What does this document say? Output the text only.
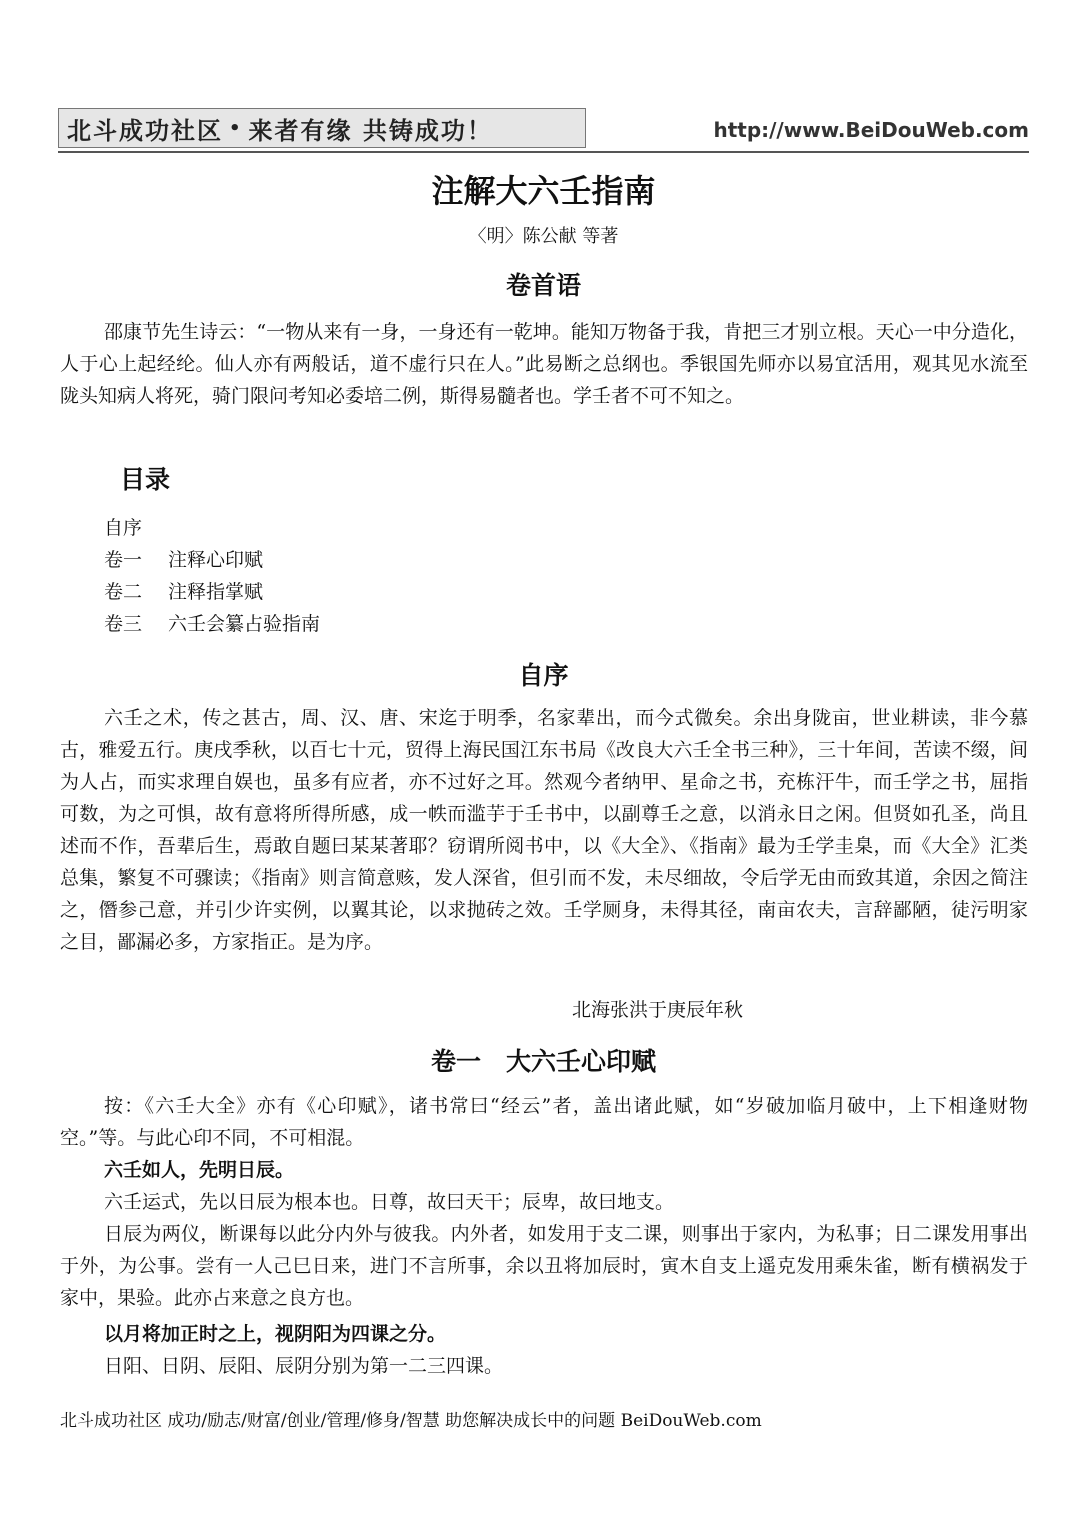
北斗成功社区 • 来者有缘 共铸成功！	http://www.BeiDouWeb.com
注解大六壬指南
〈明〉陈公献 等著
卷首语

邵康节先生诗云：“一物从来有一身，一身还有一乾坤。能知万物备于我，肯把三才别立根。天心一中分造化，人于心上起经纶。仙人亦有两般话，道不虚行只在人。”此易断之总纲也。季银国先师亦以易宜活用，观其见水流至陇头知病人将死，骑门限问考知必委培二例，斯得易髓者也。学壬者不可不知之。

目录
自序
卷一 注释心印赋
卷二 注释指掌赋
卷三 六壬会纂占验指南
自序

六壬之术，传之甚古，周、汉、唐、宋迄于明季，名家辈出，而今式微矣。余出身陇亩，世业耕读，非今慕古，雅爱五行。庚戌季秋，以百七十元，贸得上海民国江东书局《改良大六壬全书三种》，三十年间，苦读不缀，间为人占，而实求理自娱也，虽多有应者，亦不过好之耳。然观今者纳甲、星命之书，充栋汗牛，而壬学之书，屈指可数，为之可惧，故有意将所得所感，成一帙而滥芋于壬书中，以副尊壬之意，以消永日之闲。但贤如孔圣，尚且述而不作，吾辈后生，焉敢自题曰某某著耶？窃谓所阅书中，以《大全》、《指南》最为壬学圭臬，而《大全》汇类总集，繁复不可骤读；《指南》则言简意赅，发人深省，但引而不发，未尽细故，令后学无由而致其道，余因之简注之，僭参己意，并引少许实例，以翼其论，以求抛砖之效。壬学厕身，未得其径，南亩农夫，言辞鄙陋，徒污明家之目，鄙漏必多，方家指正。是为序。

北海张洪于庚辰年秋
卷一　大六壬心印赋

按：《六壬大全》亦有《心印赋》，诸书常曰“经云”者，盖出诸此赋，如“岁破加临月破中，上下相逢财物空。”等。与此心印不同，不可相混。

六壬如人，先明日辰。

六壬运式，先以日辰为根本也。日尊，故曰天干；辰卑，故曰地支。

日辰为两仪，断课每以此分内外与彼我。内外者，如发用于支二课，则事出于家内，为私事；日二课发用事出于外，为公事。尝有一人己巳日来，进门不言所事，余以丑将加辰时，寅木自支上遥克发用乘朱雀，断有横祸发于家中，果验。此亦占来意之良方也。

以月将加正时之上，视阴阳为四课之分。

日阳、日阴、辰阳、辰阴分别为第一二三四课。

北斗成功社区 成功/励志/财富/创业/管理/修身/智慧 助您解决成长中的问题 BeiDouWeb.com
